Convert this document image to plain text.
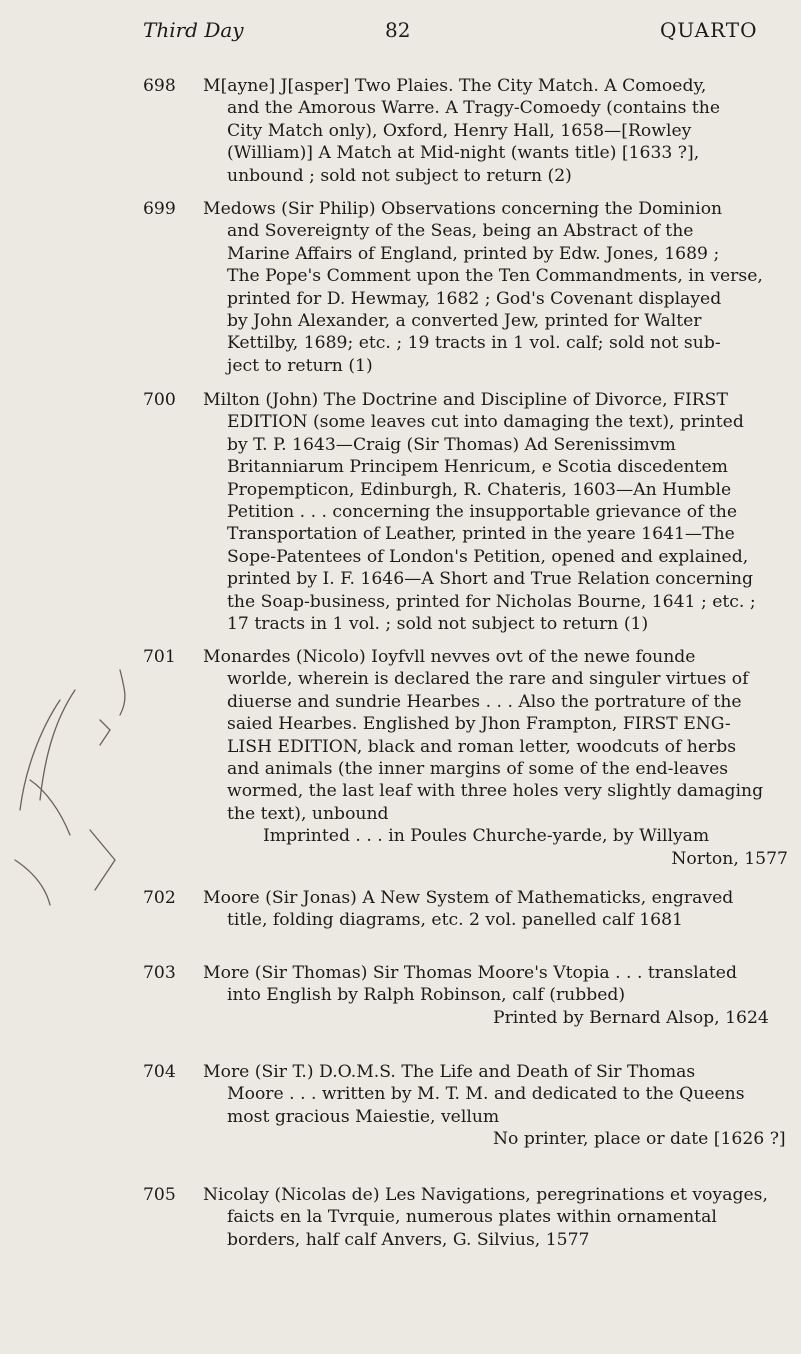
Third Day	82	QUARTO
698	M[ayne] J[asper] Two Plaies. The City Match. A Comoedy,
and the Amorous Warre. A Tragy-Comoedy (contains the
City Match only), Oxford, Henry Hall, 1658—[Rowley
(William)] A Match at Mid-night (wants title) [1633 ?],
unbound ; sold not subject to return (2)
699	Medows (Sir Philip) Observations concerning the Dominion
and Sovereignty of the Seas, being an Abstract of the
Marine Affairs of England, printed by Edw. Jones, 1689 ;
The Pope's Comment upon the Ten Commandments, in verse,
printed for D. Hewmay, 1682 ; God's Covenant displayed
by John Alexander, a converted Jew, printed for Walter
Kettilby, 1689; etc. ; 19 tracts in 1 vol. calf; sold not sub-
ject to return (1)
700	Milton (John) The Doctrine and Discipline of Divorce, FIRST
EDITION (some leaves cut into damaging the text), printed
by T. P. 1643—Craig (Sir Thomas) Ad Serenissimvm
Britanniarum Principem Henricum, e Scotia discedentem
Propempticon, Edinburgh, R. Chateris, 1603—An Humble
Petition . . . concerning the insupportable grievance of the
Transportation of Leather, printed in the yeare 1641—The
Sope-Patentees of London's Petition, opened and explained,
printed by I. F. 1646—A Short and True Relation concerning
the Soap-business, printed for Nicholas Bourne, 1641 ; etc. ;
17 tracts in 1 vol. ; sold not subject to return (1)
701	Monardes (Nicolo) Ioyfvll nevves ovt of the newe founde
worlde, wherein is declared the rare and singuler virtues of
diuerse and sundrie Hearbes . . . Also the portrature of the
saied Hearbes. Englished by Jhon Frampton, FIRST ENG-
LISH EDITION, black and roman letter, woodcuts of herbs
and animals (the inner margins of some of the end-leaves
wormed, the last leaf with three holes very slightly damaging
the text), unbound
Imprinted . . . in Poules Churche-yarde, by Willyam
Norton, 1577
702	Moore (Sir Jonas) A New System of Mathematicks, engraved
title, folding diagrams, etc. 2 vol. panelled calf 1681
703	More (Sir Thomas) Sir Thomas Moore's Vtopia . . . translated
into English by Ralph Robinson, calf (rubbed)
Printed by Bernard Alsop, 1624
704	More (Sir T.) D.O.M.S. The Life and Death of Sir Thomas
Moore . . . written by M. T. M. and dedicated to the Queens
most gracious Maiestie, vellum
No printer, place or date [1626 ?]
705	Nicolay (Nicolas de) Les Navigations, peregrinations et voyages,
faicts en la Tvrquie, numerous plates within ornamental
borders, half calf Anvers, G. Silvius, 1577
